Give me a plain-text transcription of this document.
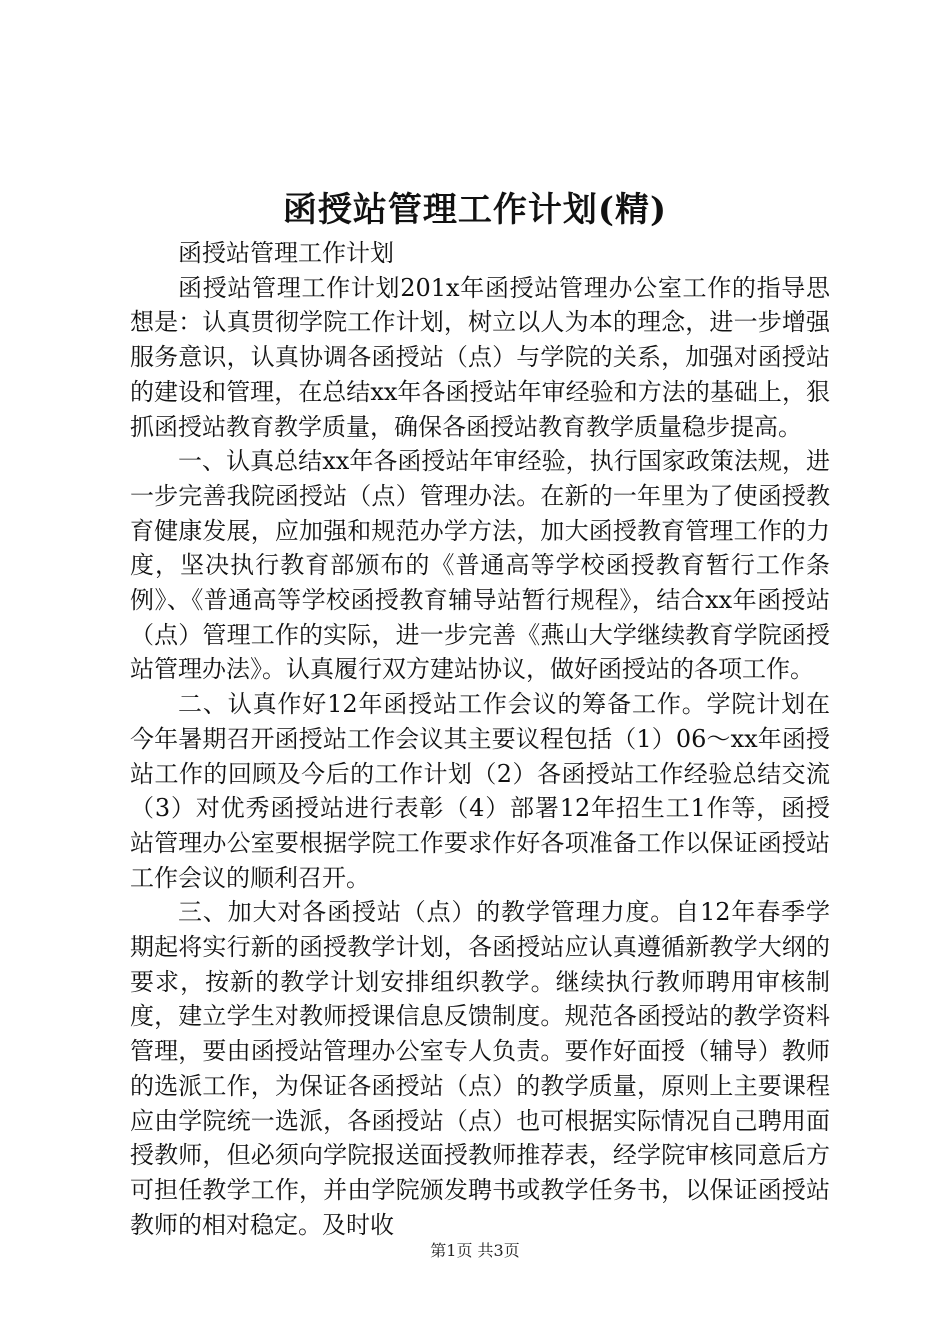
函授站管理工作计划(精)

函授站管理工作计划

函授站管理工作计划201x年函授站管理办公室工作的指导思想是：认真贯彻学院工作计划，树立以人为本的理念，进一步增强服务意识，认真协调各函授站（点）与学院的关系，加强对函授站的建设和管理，在总结xx年各函授站年审经验和方法的基础上，狠抓函授站教育教学质量，确保各函授站教育教学质量稳步提高。

一、认真总结xx年各函授站年审经验，执行国家政策法规，进一步完善我院函授站（点）管理办法。在新的一年里为了使函授教育健康发展，应加强和规范办学方法，加大函授教育管理工作的力度，坚决执行教育部颁布的《普通高等学校函授教育暂行工作条例》、《普通高等学校函授教育辅导站暂行规程》，结合xx年函授站（点）管理工作的实际，进一步完善《燕山大学继续教育学院函授站管理办法》。认真履行双方建站协议，做好函授站的各项工作。

二、认真作好12年函授站工作会议的筹备工作。学院计划在今年暑期召开函授站工作会议其主要议程包括（1）06～xx年函授站工作的回顾及今后的工作计划（2）各函授站工作经验总结交流（3）对优秀函授站进行表彰（4）部署12年招生工1作等，函授站管理办公室要根据学院工作要求作好各项准备工作以保证函授站工作会议的顺利召开。

三、加大对各函授站（点）的教学管理力度。自12年春季学期起将实行新的函授教学计划，各函授站应认真遵循新教学大纲的要求，按新的教学计划安排组织教学。继续执行教师聘用审核制度，建立学生对教师授课信息反馈制度。规范各函授站的教学资料管理，要由函授站管理办公室专人负责。要作好面授（辅导）教师的选派工作，为保证各函授站（点）的教学质量，原则上主要课程应由学院统一选派，各函授站（点）也可根据实际情况自己聘用面授教师，但必须向学院报送面授教师推荐表，经学院审核同意后方可担任教学工作，并由学院颁发聘书或教学任务书，以保证函授站教师的相对稳定。及时收

第1页 共3页
